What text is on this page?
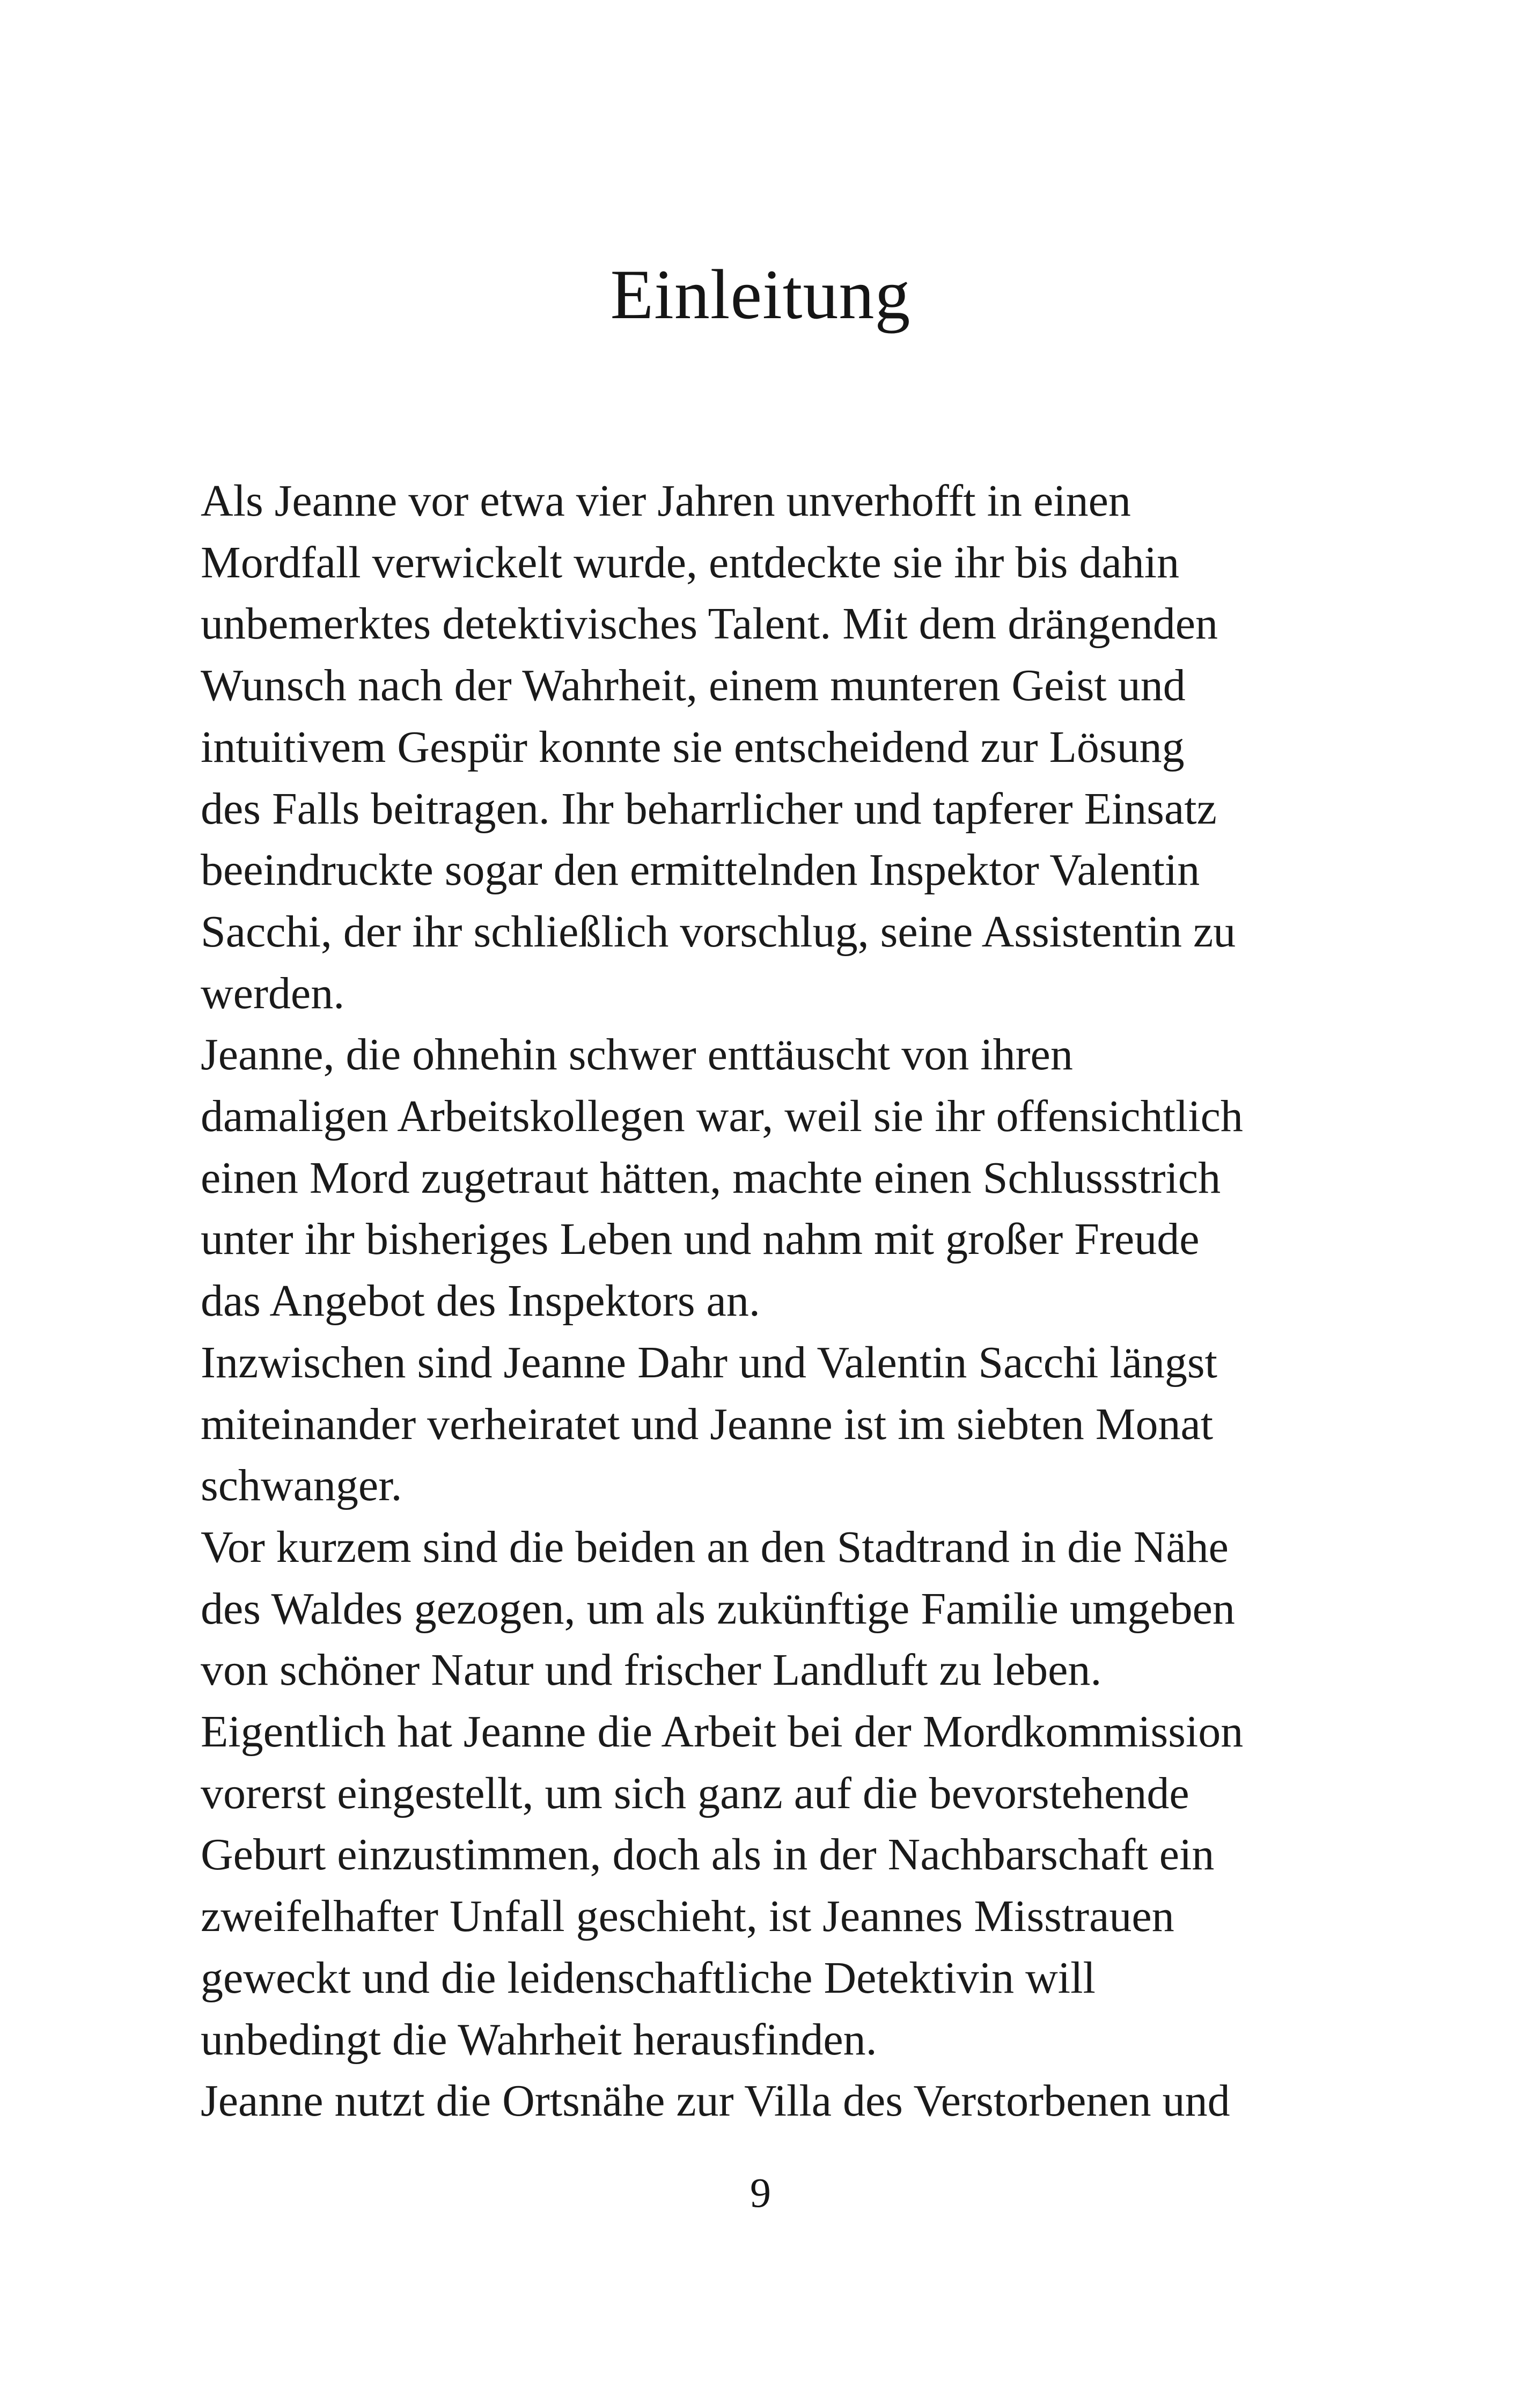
Einleitung
Als Jeanne vor etwa vier Jahren unverhofft in einen
Mordfall verwickelt wurde, entdeckte sie ihr bis dahin
unbemerktes detektivisches Talent. Mit dem drängenden
Wunsch nach der Wahrheit, einem munteren Geist und
intuitivem Gespür konnte sie entscheidend zur Lösung
des Falls beitragen. Ihr beharrlicher und tapferer Einsatz
beeindruckte sogar den ermittelnden Inspektor Valentin
Sacchi, der ihr schließlich vorschlug, seine Assistentin zu
werden.
Jeanne, die ohnehin schwer enttäuscht von ihren
damaligen Arbeitskollegen war, weil sie ihr offensichtlich
einen Mord zugetraut hätten, machte einen Schlussstrich
unter ihr bisheriges Leben und nahm mit großer Freude
das Angebot des Inspektors an.
Inzwischen sind Jeanne Dahr und Valentin Sacchi längst
miteinander verheiratet und Jeanne ist im siebten Monat
schwanger.
Vor kurzem sind die beiden an den Stadtrand in die Nähe
des Waldes gezogen, um als zukünftige Familie umgeben
von schöner Natur und frischer Landluft zu leben.
Eigentlich hat Jeanne die Arbeit bei der Mordkommission
vorerst eingestellt, um sich ganz auf die bevorstehende
Geburt einzustimmen, doch als in der Nachbarschaft ein
zweifelhafter Unfall geschieht, ist Jeannes Misstrauen
geweckt und die leidenschaftliche Detektivin will
unbedingt die Wahrheit herausfinden.
Jeanne nutzt die Ortsnähe zur Villa des Verstorbenen und
9
